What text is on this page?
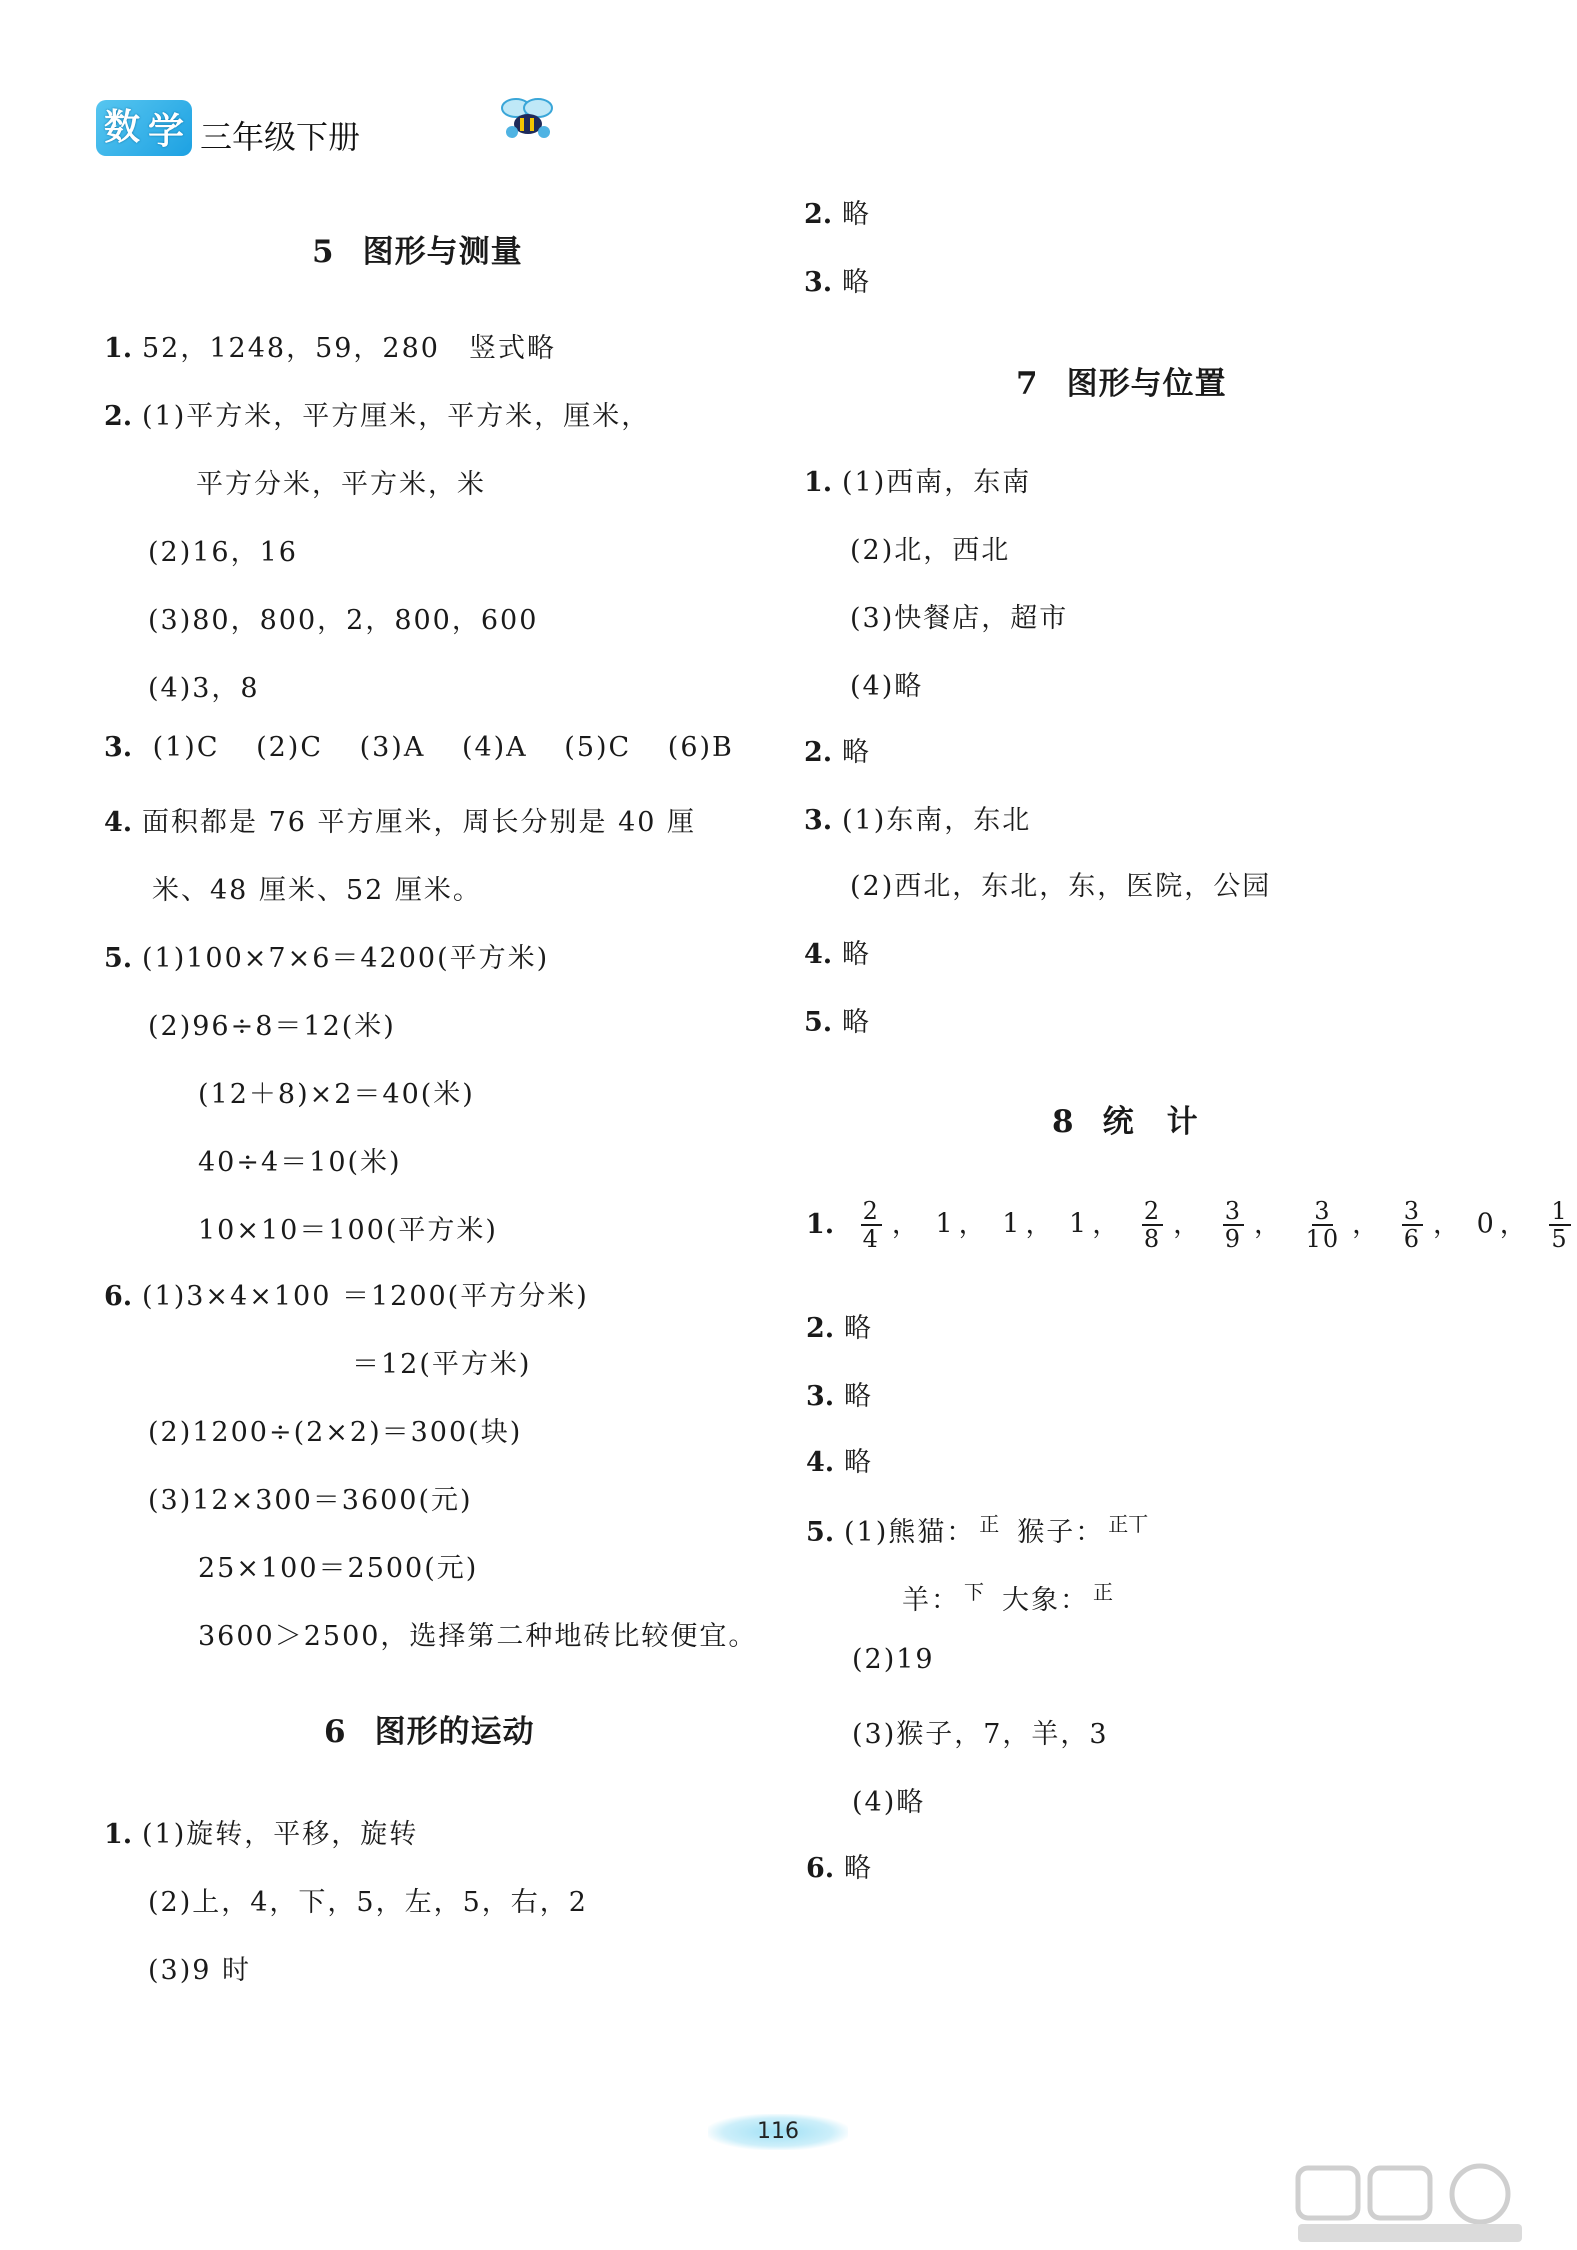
数 学 三年级下册
5 图形与测量
1. 52，1248，59，280　竖式略
2. (1)平方米，平方厘米，平方米，厘米，
平方分米，平方米，米
(2)16，16
(3)80，800，2，800，600
(4)3，8
3. (1)C (2)C (3)A (4)A (5)C (6)B
4. 面积都是 76 平方厘米，周长分别是 40 厘
米、48 厘米、52 厘米。
5. (1)100×7×6＝4200(平方米)
(2)96÷8＝12(米)
(12＋8)×2＝40(米)
40÷4＝10(米)
10×10＝100(平方米)
6. (1)3×4×100 ＝1200(平方分米)
＝12(平方米)
(2)1200÷(2×2)＝300(块)
(3)12×300＝3600(元)
25×100＝2500(元)
3600＞2500，选择第二种地砖比较便宜。
6 图形的运动
1. (1)旋转，平移，旋转
(2)上，4，下，5，左，5，右，2
(3)9 时
2. 略
3. 略
7 图形与位置
1. (1)西南，东南
(2)北，西北
(3)快餐店，超市
(4)略
2. 略
3. (1)东南，东北
(2)西北，东北，东，医院，公园
4. 略
5. 略
8 统　计
1. $\frac{2}{4}$ ， 1 ， 1 ， 1 ， $\frac{2}{8}$ ， $\frac{3}{9}$ ， $\frac{3}{10}$ ， $\frac{3}{6}$ ， 0 ， $\frac{1}{5}$
2. 略
3. 略
4. 略
5. (1)熊猫： $^正$ 猴子： $^{正丅}$
羊： $^下$ 大象： $^正$
(2)19
(3)猴子，7，羊，3
(4)略
6. 略
116
